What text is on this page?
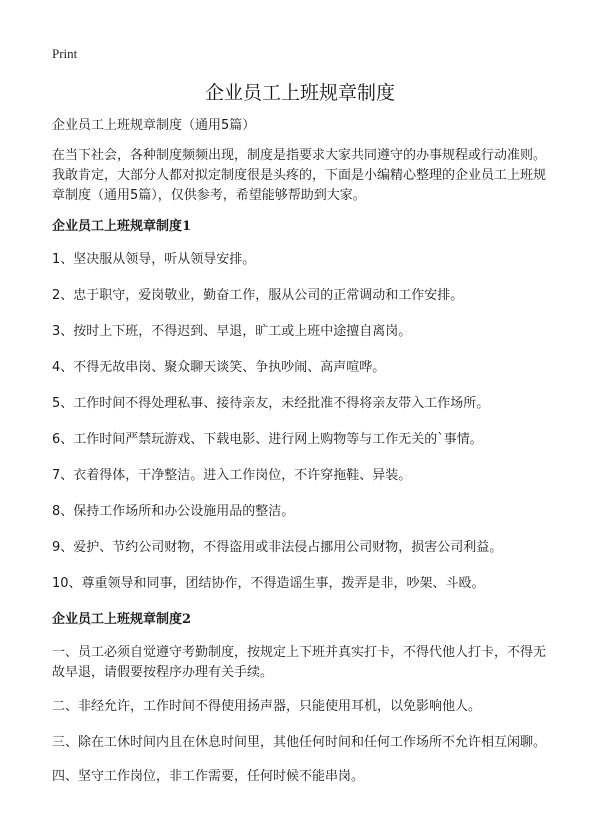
Print
企业员工上班规章制度

企业员工上班规章制度（通用5篇）

在当下社会，各种制度频频出现，制度是指要求大家共同遵守的办事规程或行动准则。我敢肯定，大部分人都对拟定制度很是头疼的，下面是小编精心整理的企业员工上班规章制度（通用5篇），仅供参考，希望能够帮助到大家。

企业员工上班规章制度1

1、坚决服从领导，听从领导安排。

2、忠于职守，爱岗敬业，勤奋工作，服从公司的正常调动和工作安排。

3、按时上下班，不得迟到、早退，旷工或上班中途擅自离岗。

4、不得无故串岗、聚众聊天谈笑、争执吵闹、高声喧哗。

5、工作时间不得处理私事、接待亲友，未经批准不得将亲友带入工作场所。

6、工作时间严禁玩游戏、下载电影、进行网上购物等与工作无关的`事情。

7、衣着得体，干净整洁。进入工作岗位，不许穿拖鞋、异装。

8、保持工作场所和办公设施用品的整洁。

9、爱护、节约公司财物，不得盗用或非法侵占挪用公司财物，损害公司利益。

10、尊重领导和同事，团结协作，不得造谣生事，拨弄是非，吵架、斗殴。

企业员工上班规章制度2

一、员工必须自觉遵守考勤制度，按规定上下班并真实打卡，不得代他人打卡，不得无故早退，请假要按程序办理有关手续。

二、非经允许，工作时间不得使用扬声器，只能使用耳机，以免影响他人。

三、除在工休时间内且在休息时间里，其他任何时间和任何工作场所不允许相互闲聊。

四、坚守工作岗位，非工作需要，任何时候不能串岗。
